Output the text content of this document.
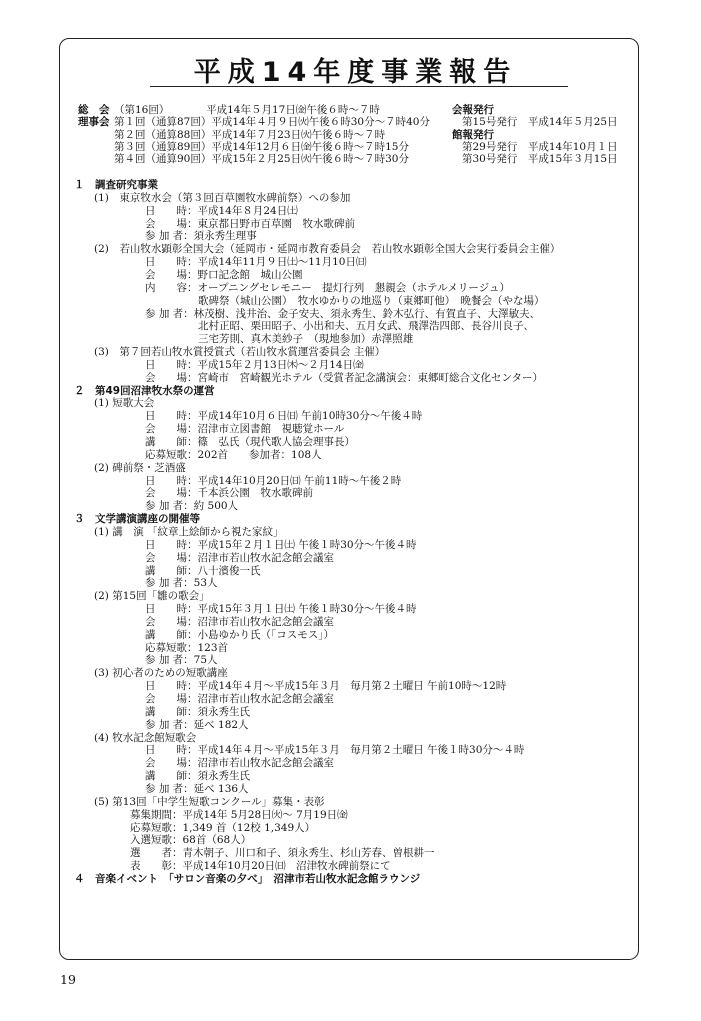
平成14年度事業報告
総　会 （第16回）　　　　平成14年５月17日㈮午後６時～７時
理事会 第１回（通算87回）平成14年４月９日㈫午後６時30分～７時40分
第２回（通算88回）平成14年７月23日㈫午後６時～７時
第３回（通算89回）平成14年12月６日㈮午後６時～７時15分
第４回（通算90回）平成15年２月25日㈫午後６時～７時30分
会報発行
第15号発行　平成14年５月25日
館報発行
第29号発行　平成14年10月１日
第30号発行　平成15年３月15日
１　調査研究事業
(1)　東京牧水会（第３回百草園牧水碑前祭）への参加
日　　時：平成14年８月24日㈯
会　　場：東京都日野市百草園　牧水歌碑前
参 加 者：須永秀生理事
(2)　若山牧水顕彰全国大会（延岡市・延岡市教育委員会　若山牧水顕彰全国大会実行委員会主催）
日　　時：平成14年11月９日㈯～11月10日㈰
会　　場：野口記念館　城山公園
内　　容：オープニングセレモニー　提灯行列　懇親会（ホテルメリージュ）
歌碑祭（城山公園）　牧水ゆかりの地巡り（東郷町他）　晩餐会（やな場）
参 加 者：林茂樹、浅井治、金子安夫、須永秀生、鈴木弘行、有賀直子、大澤敏夫、
北村正昭、栗田昭子、小出和夫、五月女武、飛澤浩四郎、長谷川良子、
三宅芳則、真木美紗子　（現地参加）赤澤照雄
(3)　第７回若山牧水賞授賞式（若山牧水賞運営委員会 主催）
日　　時：平成15年２月13日㈭～２月14日㈮
会　　場：宮崎市　宮崎観光ホテル（受賞者記念講演会：東郷町総合文化センター）
２　第49回沼津牧水祭の運営
(1) 短歌大会
日　　時：平成14年10月６日㈰ 午前10時30分～午後４時
会　　場：沼津市立図書館　視聴覚ホール
講　　師：篠　弘氏（現代歌人協会理事長）
応募短歌：202首　　参加者：108人
(2) 碑前祭・芝酒盛
日　　時：平成14年10月20日㈰ 午前11時～午後２時
会　　場：千本浜公園　牧水歌碑前
参 加 者：約 500人
３　文学講演講座の開催等
(1) 講　演 「紋章上絵師から視た家紋」
日　　時：平成15年２月１日㈯ 午後１時30分～午後４時
会　　場：沼津市若山牧水記念館会議室
講　　師：八十濱俊一氏
参 加 者：53人
(2) 第15回「雛の歌会」
日　　時：平成15年３月１日㈯ 午後１時30分～午後４時
会　　場：沼津市若山牧水記念館会議室
講　　師：小島ゆかり氏（「コスモス」）
応募短歌：123首
参 加 者：75人
(3) 初心者のための短歌講座
日　　時：平成14年４月～平成15年３月　毎月第２土曜日 午前10時～12時
会　　場：沼津市若山牧水記念館会議室
講　　師：須永秀生氏
参 加 者：延べ 182人
(4) 牧水記念館短歌会
日　　時：平成14年４月～平成15年３月　毎月第２土曜日 午後１時30分～４時
会　　場：沼津市若山牧水記念館会議室
講　　師：須永秀生氏
参 加 者：延べ 136人
(5) 第13回「中学生短歌コンクール」募集・表彰
募集期間：平成14年 5月28日㈫～ 7月19日㈮
応募短歌：1,349 首（12校 1,349人）
入選短歌：68首（68人）
選　　者：青木朝子、川口和子、須永秀生、杉山芳春、曽根耕一
表　　彰：平成14年10月20日㈰　沼津牧水碑前祭にて
４　音楽イベント　「サロン音楽の夕べ」　沼津市若山牧水記念館ラウンジ
19
